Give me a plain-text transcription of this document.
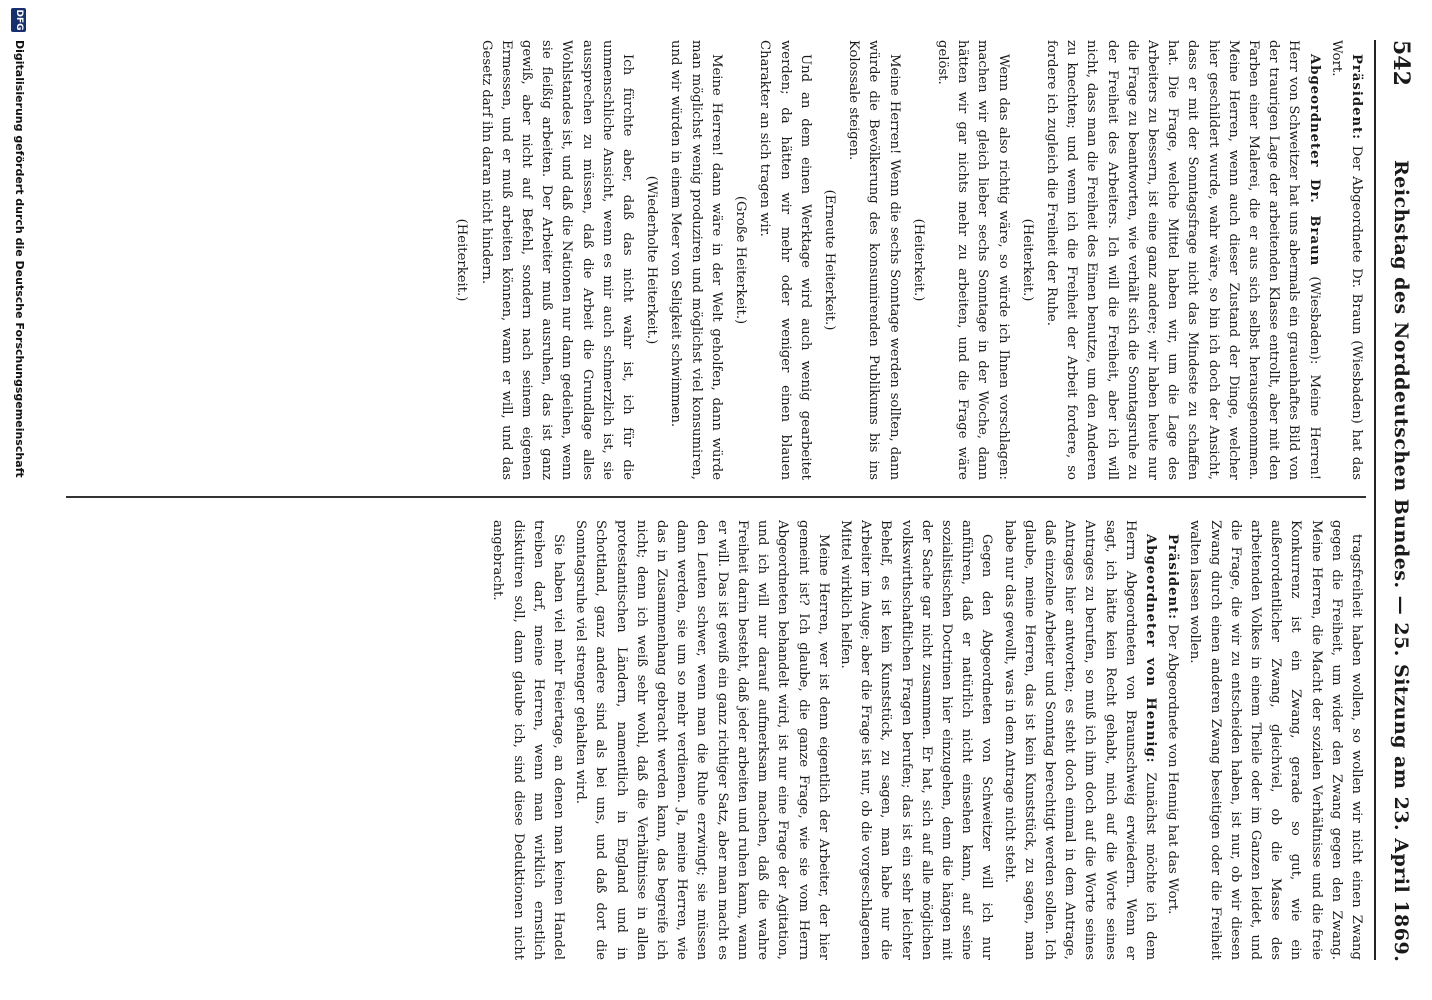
542
Reichstag des Norddeutschen Bundes. — 25. Sitzung am 23. April 1869.

Präsident: Der Abgeordnete Dr. Braun (Wiesbaden) hat das Wort.

Abgeordneter Dr. Braun (Wiesbaden): Meine Herren! Herr von Schweitzer hat uns abermals ein grauenhaftes Bild von der traurigen Lage der arbeitenden Klasse entrollt, aber mit den Farben einer Malerei, die er aus sich selbst herausgenommen. Meine Herren, wenn auch dieser Zustand der Dinge, welcher hier geschildert wurde, wahr wäre, so bin ich doch der Ansicht, dass er mit der Sonntagsfrage nicht das Mindeste zu schaffen hat. Die Frage, welche Mittel haben wir, um die Lage des Arbeiters zu bessern, ist eine ganz andere; wir haben heute nur die Frage zu beantworten, wie verhält sich die Sonntagsruhe zu der Freiheit des Arbeiters. Ich will die Freiheit, aber ich will nicht, dass man die Freiheit des Einen benutze, um den Anderen zu knechten; und wenn ich die Freiheit der Arbeit fordere, so fordere ich zugleich die Freiheit der Ruhe.

(Heiterkeit.)

Wenn das also richtig wäre, so würde ich Ihnen vorschlagen: machen wir gleich lieber sechs Sonntage in der Woche, dann hätten wir gar nichts mehr zu arbeiten, und die Frage wäre gelöst.

(Heiterkeit.)

Meine Herren! Wenn die sechs Sonntage werden sollten, dann würde die Bevölkerung des konsumirenden Publikums bis ins Kolossale steigen.

(Erneute Heiterkeit.)

Und an dem einen Werktage wird auch wenig gearbeitet werden; da hätten wir mehr oder weniger einen blauen Charakter an sich tragen wir.

(Große Heiterkeit.)

Meine Herren! dann wäre in der Welt geholfen, dann würde man möglichst wenig produziren und möglichst viel konsumiren, und wir würden in einem Meer von Seligkeit schwimmen.

(Wiederholte Heiterkeit.)

Ich fürchte aber, daß das nicht wahr ist, ich für die unmenschliche Ansicht, wenn es mir auch schmerzlich ist, sie aussprechen zu müssen, daß die Arbeit die Grundlage alles Wohlstandes ist, und daß die Nationen nur dann gedeihen, wenn sie fleißig arbeiten. Der Arbeiter muß ausruhen, das ist ganz gewiß, aber nicht auf Befehl, sondern nach seinem eigenen Ermessen, und er muß arbeiten können, wann er will, und das Gesetz darf ihn daran nicht hindern.

(Heiterkeit.)

tragsfreiheit haben wollen, so wollen wir nicht einen Zwang gegen die Freiheit, um wider den Zwang gegen den Zwang. Meine Herren, die Macht der sozialen Verhältnisse und die freie Konkurrenz ist ein Zwang, gerade so gut, wie ein außerordentlicher Zwang, gleichviel, ob die Masse des arbeitenden Volkes in einem Theile oder im Ganzen leidet, und die Frage, die wir zu entscheiden haben, ist nur, ob wir diesen Zwang durch einen anderen Zwang beseitigen oder die Freiheit walten lassen wollen.

Präsident: Der Abgeordnete von Hennig hat das Wort.

Abgeordneter von Hennig: Zunächst möchte ich dem Herrn Abgeordneten von Braunschweig erwiedern. Wenn er sagt, ich hätte kein Recht gehabt, mich auf die Worte seines Antrages zu berufen, so muß ich ihm doch auf die Worte seines Antrages hier antworten; es steht doch einmal in dem Antrage, daß einzelne Arbeiter und Sonntag berechtigt werden sollen. Ich glaube, meine Herren, das ist kein Kunststück, zu sagen, man habe nur das gewollt, was in dem Antrage nicht steht.

Gegen den Abgeordneten von Schweitzer will ich nur anführen, daß er natürlich nicht einsehen kann, auf seine sozialistischen Doctrinen hier einzugehen, denn die hängen mit der Sache gar nicht zusammen. Er hat, sich auf alle möglichen volkswirthschaftlichen Fragen berufen; das ist ein sehr leichter Behelf, es ist kein Kunststück, zu sagen, man habe nur die Arbeiter im Auge; aber die Frage ist nur, ob die vorgeschlagenen Mittel wirklich helfen.

Meine Herren, wer ist denn eigentlich der Arbeiter, der hier gemeint ist? Ich glaube, die ganze Frage, wie sie vom Herrn Abgeordneten behandelt wird, ist nur eine Frage der Agitation, und ich will nur darauf aufmerksam machen, daß die wahre Freiheit darin besteht, daß jeder arbeiten und ruhen kann, wann er will. Das ist gewiß ein ganz richtiger Satz, aber man macht es den Leuten schwer, wenn man die Ruhe erzwingt; sie müssen dann werden, sie um so mehr verdienen. Ja, meine Herren, wie das in Zusammenhang gebracht werden kann, das begreife ich nicht; denn ich weiß sehr wohl, daß die Verhältnisse in allen protestantischen Ländern, namentlich in England und in Schottland, ganz andere sind als bei uns, und daß dort die Sonntagsruhe viel strenger gehalten wird.

Sie haben viel mehr Feiertage, an denen man keinen Handel treiben darf, meine Herren, wenn man wirklich ernstlich diskutiren soll, dann glaube ich, sind diese Deduktionen nicht angebracht.

DFG
Digitalisierung gefördert durch die Deutsche Forschungsgemeinschaft
